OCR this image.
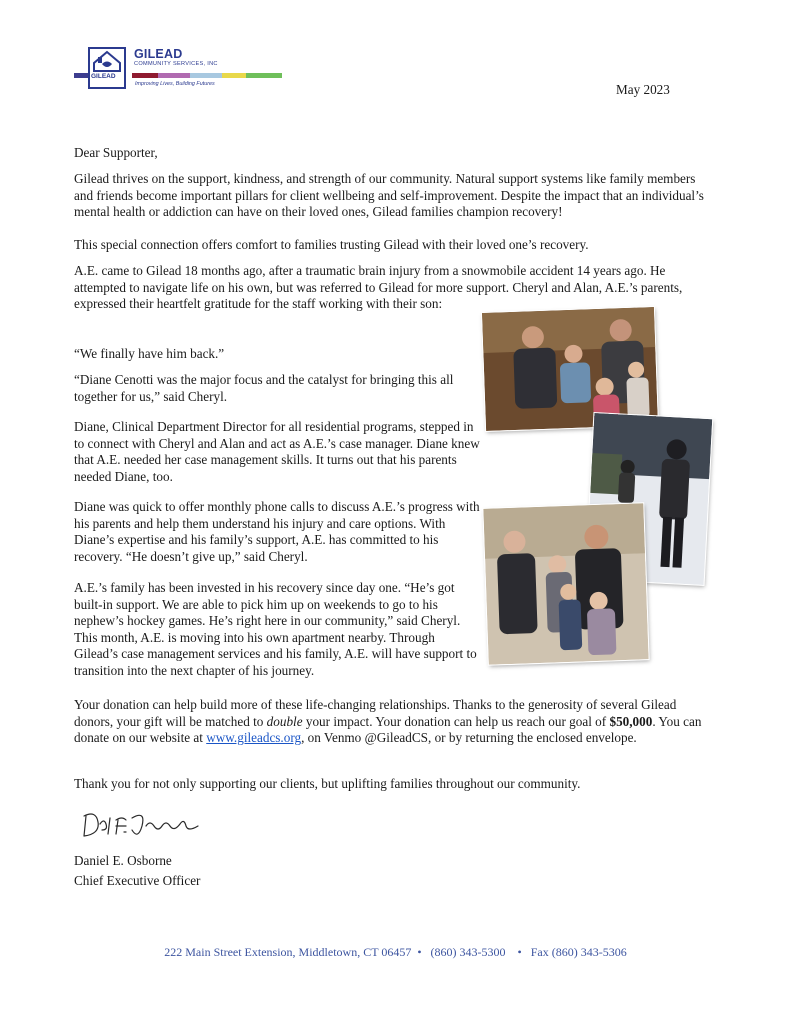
GILEAD
GILEAD
COMMUNITY SERVICES, INC
Improving Lives, Building Futures	May 2023

Dear Supporter,

Gilead thrives on the support, kindness, and strength of our community. Natural support systems like family members and friends become important pillars for client wellbeing and self-improvement. Despite the impact that an individual’s mental health or addiction can have on their loved ones, Gilead families champion recovery!

This special connection offers comfort to families trusting Gilead with their loved one’s recovery.

A.E. came to Gilead 18 months ago, after a traumatic brain injury from a snowmobile accident 14 years ago. He attempted to navigate life on his own, but was referred to Gilead for more support. Cheryl and Alan, A.E.’s parents, expressed their heartfelt gratitude for the staff working with their son:

“We finally have him back.”

“Diane Cenotti was the major focus and the catalyst for bringing this all together for us,” said Cheryl.

Diane, Clinical Department Director for all residential programs, stepped in to connect with Cheryl and Alan and act as A.E.’s case manager. Diane knew that A.E. needed her case management skills. It turns out that his parents needed Diane, too.

Diane was quick to offer monthly phone calls to discuss A.E.’s progress with his parents and help them understand his injury and care options. With Diane’s expertise and his family’s support, A.E. has committed to his recovery. “He doesn’t give up,” said Cheryl.

A.E.’s family has been invested in his recovery since day one. “He’s got built-in support. We are able to pick him up on weekends to go to his nephew’s hockey games. He’s right here in our community,” said Cheryl. This month, A.E. is moving into his own apartment nearby. Through Gilead’s case management services and his family, A.E. will have support to transition into the next chapter of his journey.

Your donation can help build more of these life-changing relationships. Thanks to the generosity of several Gilead donors, your gift will be matched to double your impact. Your donation can help us reach our goal of $50,000. You can donate on our website at www.gileadcs.org, on Venmo @GileadCS, or by returning the enclosed envelope.

Thank you for not only supporting our clients, but uplifting families throughout our community.

Daniel E. Osborne

Chief Executive Officer

222 Main Street Extension, Middletown, CT 06457 • (860) 343-5300 • Fax (860) 343-5306
